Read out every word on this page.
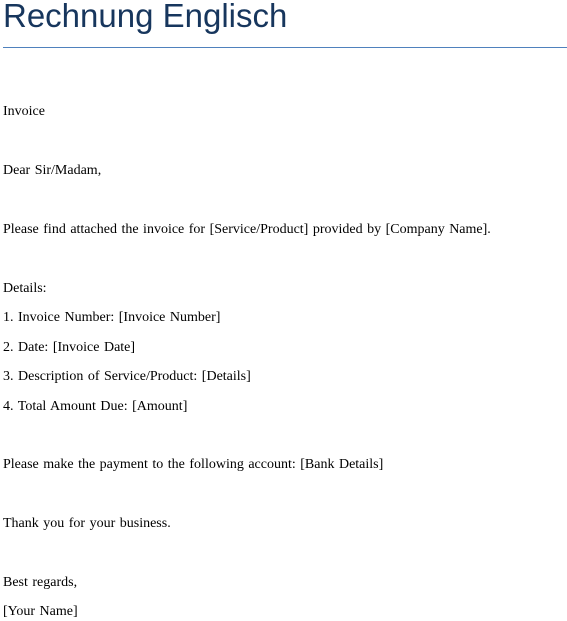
Rechnung Englisch

Invoice

Dear Sir/Madam,

Please find attached the invoice for [Service/Product] provided by [Company Name].

Details:

1. Invoice Number: [Invoice Number]

2. Date: [Invoice Date]

3. Description of Service/Product: [Details]

4. Total Amount Due: [Amount]

Please make the payment to the following account: [Bank Details]

Thank you for your business.

Best regards,

[Your Name]
